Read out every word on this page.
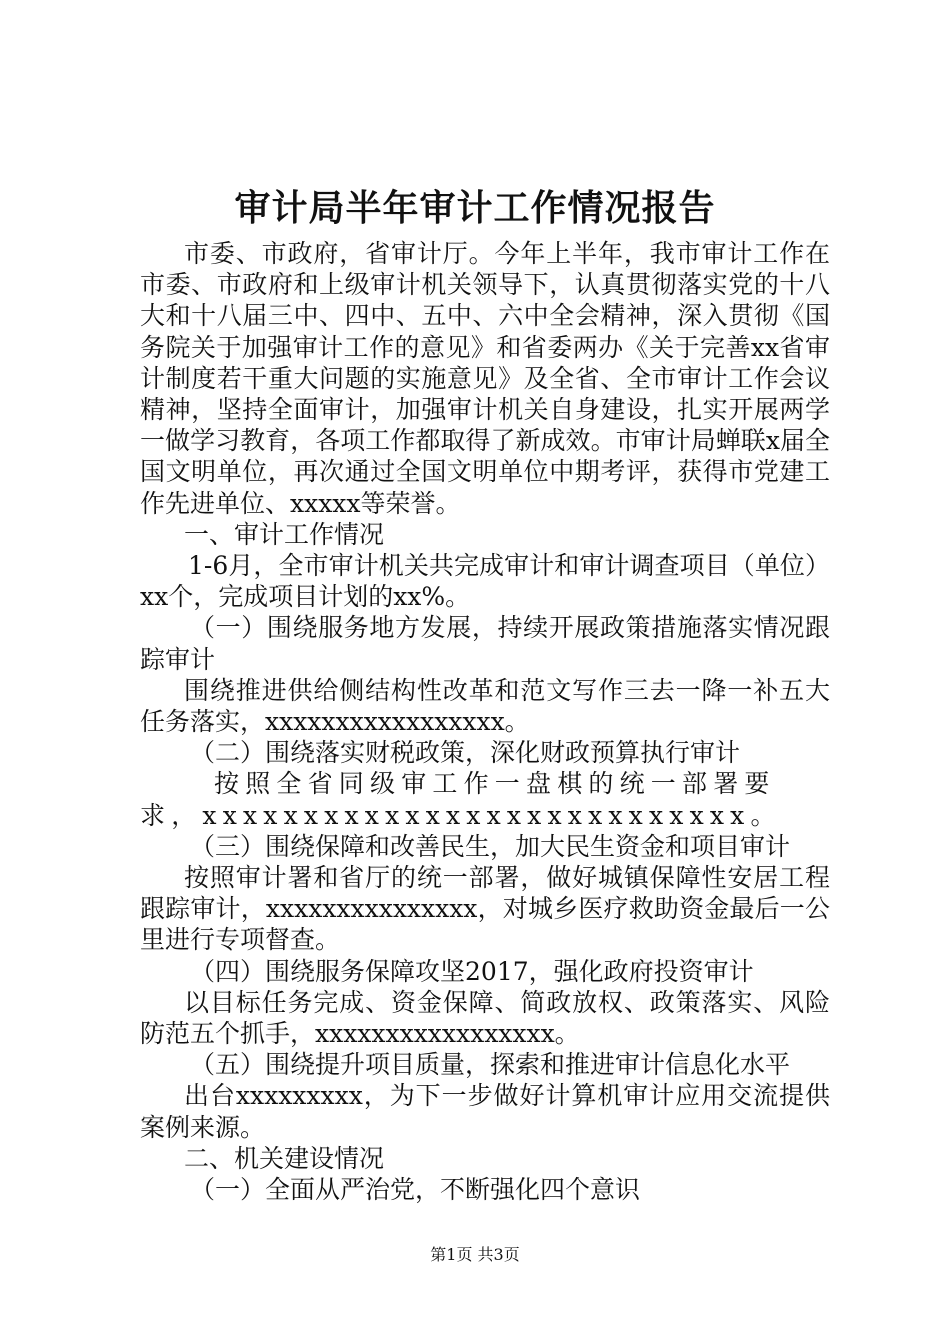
审计局半年审计工作情况报告

市委、市政府，省审计厅。今年上半年，我市审计工作在市委、市政府和上级审计机关领导下，认真贯彻落实党的十八大和十八届三中、四中、五中、六中全会精神，深入贯彻《国务院关于加强审计工作的意见》和省委两办《关于完善xx省审计制度若干重大问题的实施意见》及全省、全市审计工作会议精神，坚持全面审计，加强审计机关自身建设，扎实开展两学一做学习教育，各项工作都取得了新成效。市审计局蝉联x届全国文明单位，再次通过全国文明单位中期考评，获得市党建工作先进单位、xxxxx等荣誉。

一、审计工作情况

1-6月，全市审计机关共完成审计和审计调查项目（单位）xx个，完成项目计划的xx%。

（一）围绕服务地方发展，持续开展政策措施落实情况跟踪审计

围绕推进供给侧结构性改革和范文写作三去一降一补五大任务落实，xxxxxxxxxxxxxxxxx。

（二）围绕落实财税政策，深化财政预算执行审计

按照全省同级审工作一盘棋的统一部署要求，xxxxxxxxxxxxxxxxxxxxxxxxxxx。

（三）围绕保障和改善民生，加大民生资金和项目审计

按照审计署和省厅的统一部署，做好城镇保障性安居工程跟踪审计，xxxxxxxxxxxxxxx，对城乡医疗救助资金最后一公里进行专项督查。

（四）围绕服务保障攻坚2017，强化政府投资审计

以目标任务完成、资金保障、简政放权、政策落实、风险防范五个抓手，xxxxxxxxxxxxxxxxx。

（五）围绕提升项目质量，探索和推进审计信息化水平

出台xxxxxxxxx，为下一步做好计算机审计应用交流提供案例来源。

二、机关建设情况

（一）全面从严治党，不断强化四个意识

第1页 共3页
